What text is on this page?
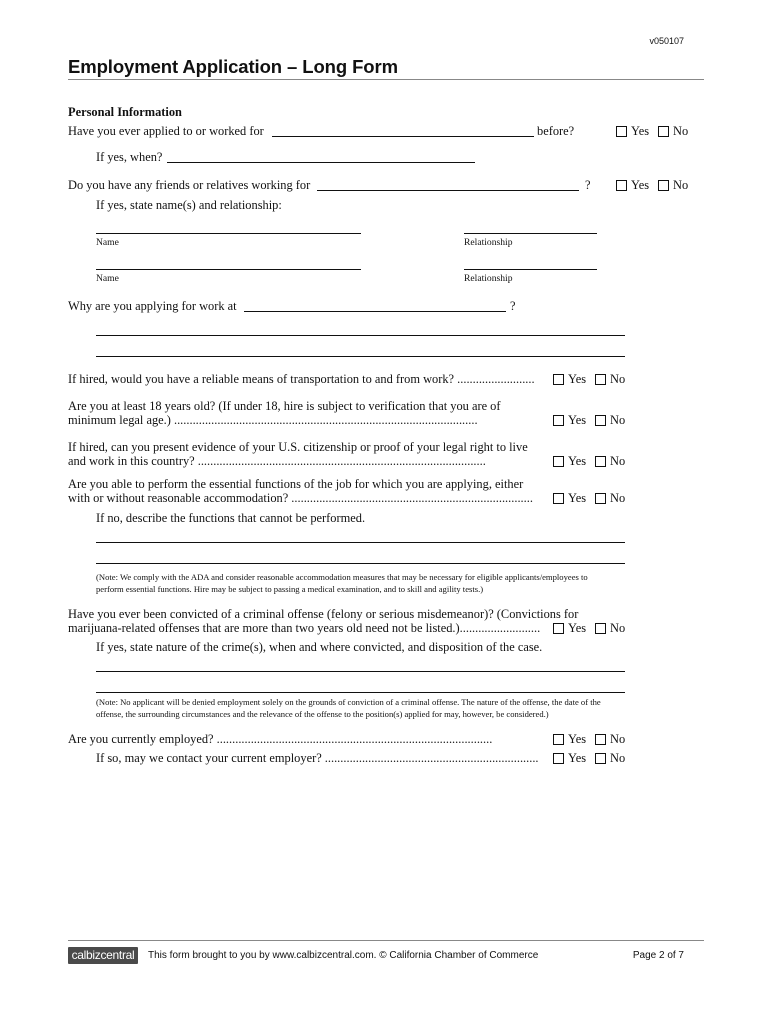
v050107
Employment Application – Long Form
Personal Information
Have you ever applied to or worked for	before?	Yes No
If yes, when?
Do you have any friends or relatives working for	?	Yes No
If yes, state name(s) and relationship:
Name	Relationship
Name	Relationship
Why are you applying for work at	?
If hired, would you have a reliable means of transportation to and from work? .........................	Yes No
Are you at least 18 years old? (If under 18, hire is subject to verification that you are of
minimum legal age.) ..................................................................................................	Yes No
If hired, can you present evidence of your U.S. citizenship or proof of your legal right to live
and work in this country? .............................................................................................	Yes No
Are you able to perform the essential functions of the job for which you are applying, either
with or without reasonable accommodation? ..............................................................................	Yes No
If no, describe the functions that cannot be performed.
(Note: We comply with the ADA and consider reasonable accommodation measures that may be necessary for eligible applicants/employees to
perform essential functions. Hire may be subject to passing a medical examination, and to skill and agility tests.)
Have you ever been convicted of a criminal offense (felony or serious misdemeanor)? (Convictions for
marijuana-related offenses that are more than two years old need not be listed.).......................... Yes No
If yes, state nature of the crime(s), when and where convicted, and disposition of the case.
(Note: No applicant will be denied employment solely on the grounds of conviction of a criminal offense. The nature of the offense, the date of the
offense, the surrounding circumstances and the relevance of the offense to the position(s) applied for may, however, be considered.)
Are you currently employed? .........................................................................................	Yes No
If so, may we contact your current employer? ..................................................................... Yes No
calbizcentral	This form brought to you by www.calbizcentral.com. © California Chamber of Commerce	Page 2 of 7
